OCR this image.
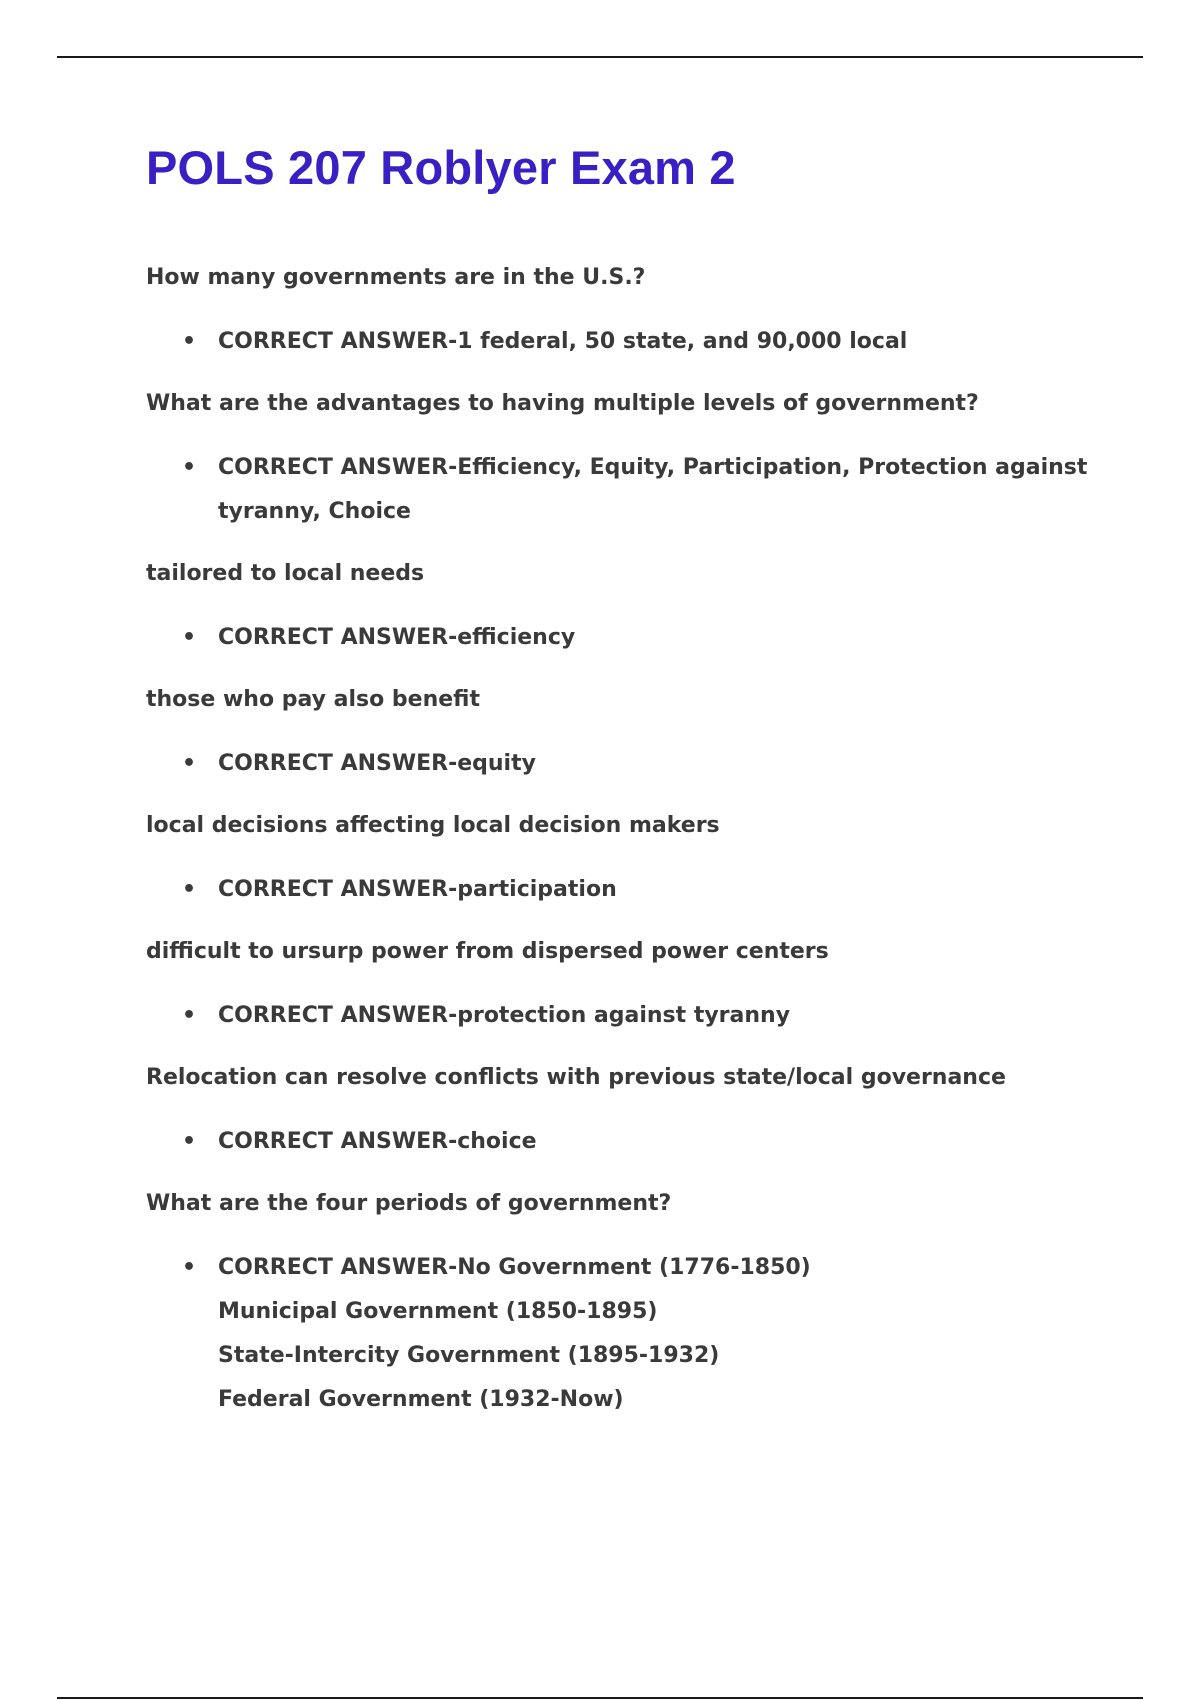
POLS 207 Roblyer Exam 2

How many governments are in the U.S.?

• CORRECT ANSWER-1 federal, 50 state, and 90,000 local

What are the advantages to having multiple levels of government?

• CORRECT ANSWER-Efficiency, Equity, Participation, Protection against
tyranny, Choice

tailored to local needs

• CORRECT ANSWER-efficiency

those who pay also benefit

• CORRECT ANSWER-equity

local decisions affecting local decision makers

• CORRECT ANSWER-participation

difficult to ursurp power from dispersed power centers

• CORRECT ANSWER-protection against tyranny

Relocation can resolve conflicts with previous state/local governance

• CORRECT ANSWER-choice

What are the four periods of government?

• CORRECT ANSWER-No Government (1776-1850)
Municipal Government (1850-1895)
State-Intercity Government (1895-1932)
Federal Government (1932-Now)
